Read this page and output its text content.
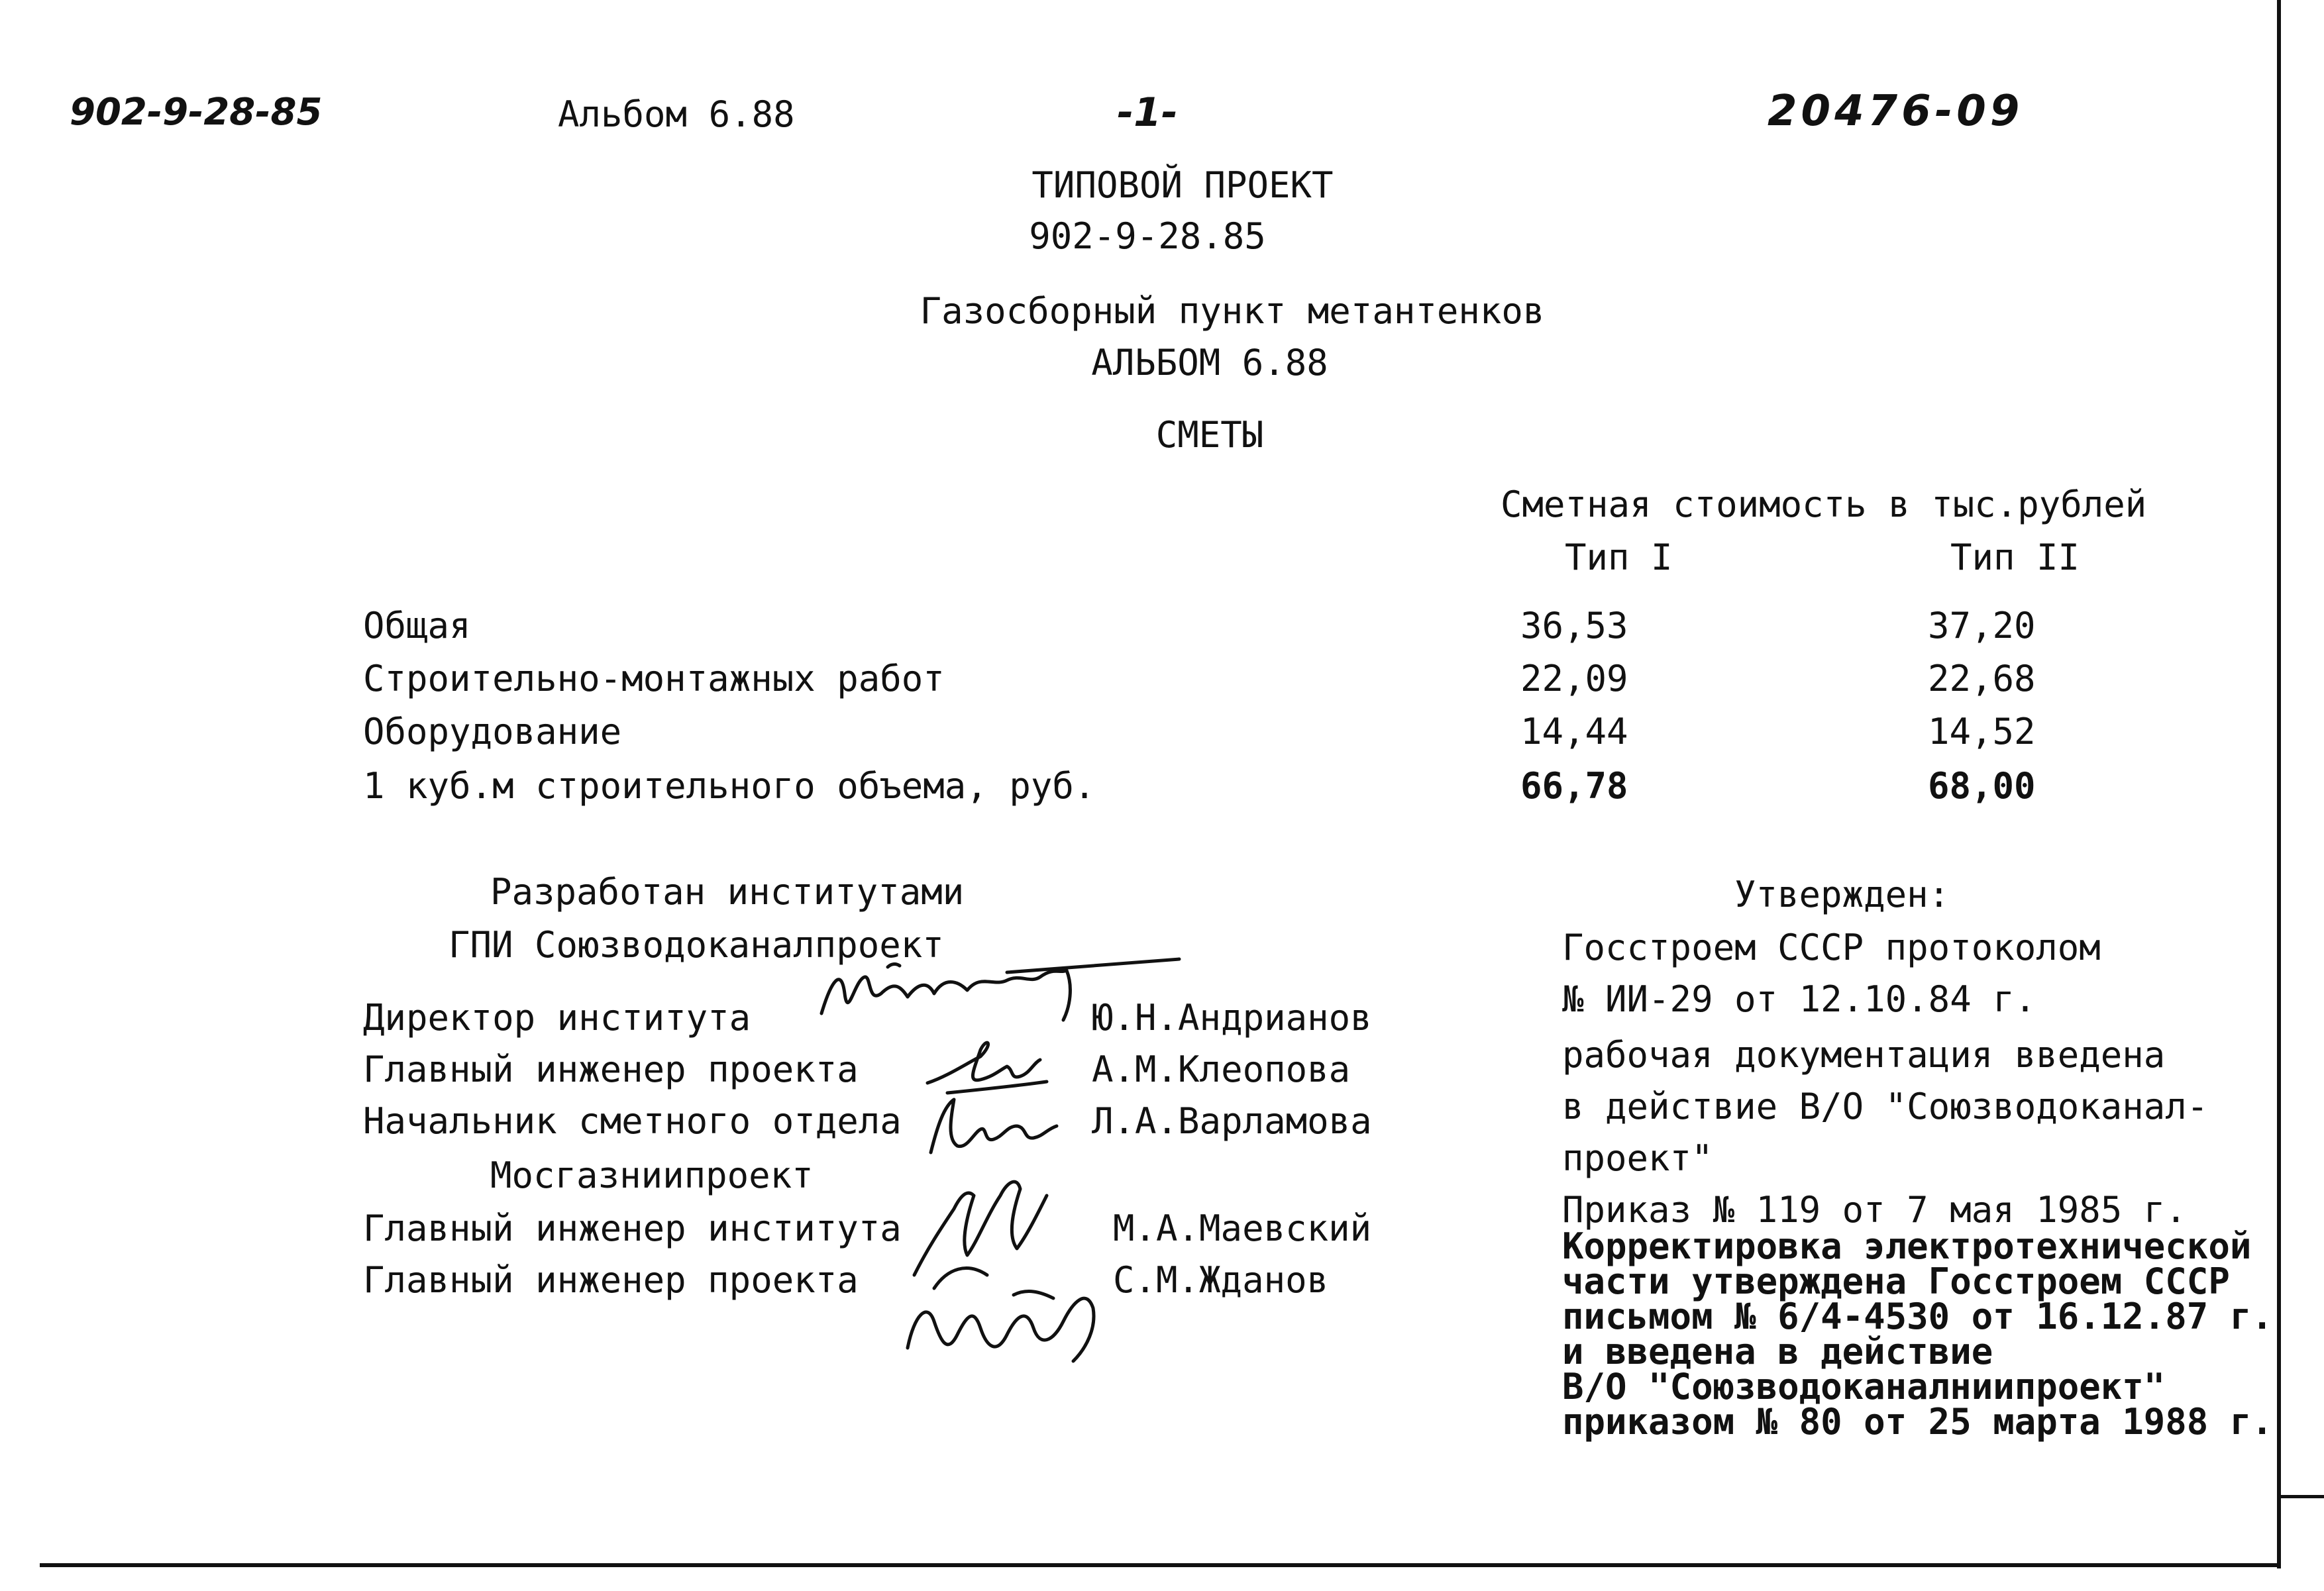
902-9-28-85	Альбом 6.88	-1-	20476-09
ТИПОВОЙ ПРОЕКТ
902-9-28.85
Газосборный пункт метантенков
АЛЬБОМ 6.88
СМЕТЫ
Сметная стоимость в тыс.рублей
Тип I	Тип II
Общая	36,53	37,20
Строительно-монтажных работ	22,09	22,68
Оборудование	14,44	14,52
1 куб.м строительного объема, руб.	66,78	68,00
Разработан институтами
ГПИ Союзводоканалпроект
Директор института	Ю.Н.Андрианов
Главный инженер проекта	А.М.Клеопова
Начальник сметного отдела	Л.А.Варламова
Мосгазниипроект
Главный инженер института	М.А.Маевский
Главный инженер проекта	С.М.Жданов
Утвержден:
Госстроем СССР протоколом
№ ИИ-29 от 12.10.84 г.
рабочая документация введена
в действие В/О "Союзводоканал-
проект"
Приказ № 119 от 7 мая 1985 г.
Корректировка электротехнической
части утверждена Госстроем СССР
письмом № 6/4-4530 от 16.12.87 г.
и введена в действие
В/О "Союзводоканалниипроект"
приказом № 80 от 25 марта 1988 г.
